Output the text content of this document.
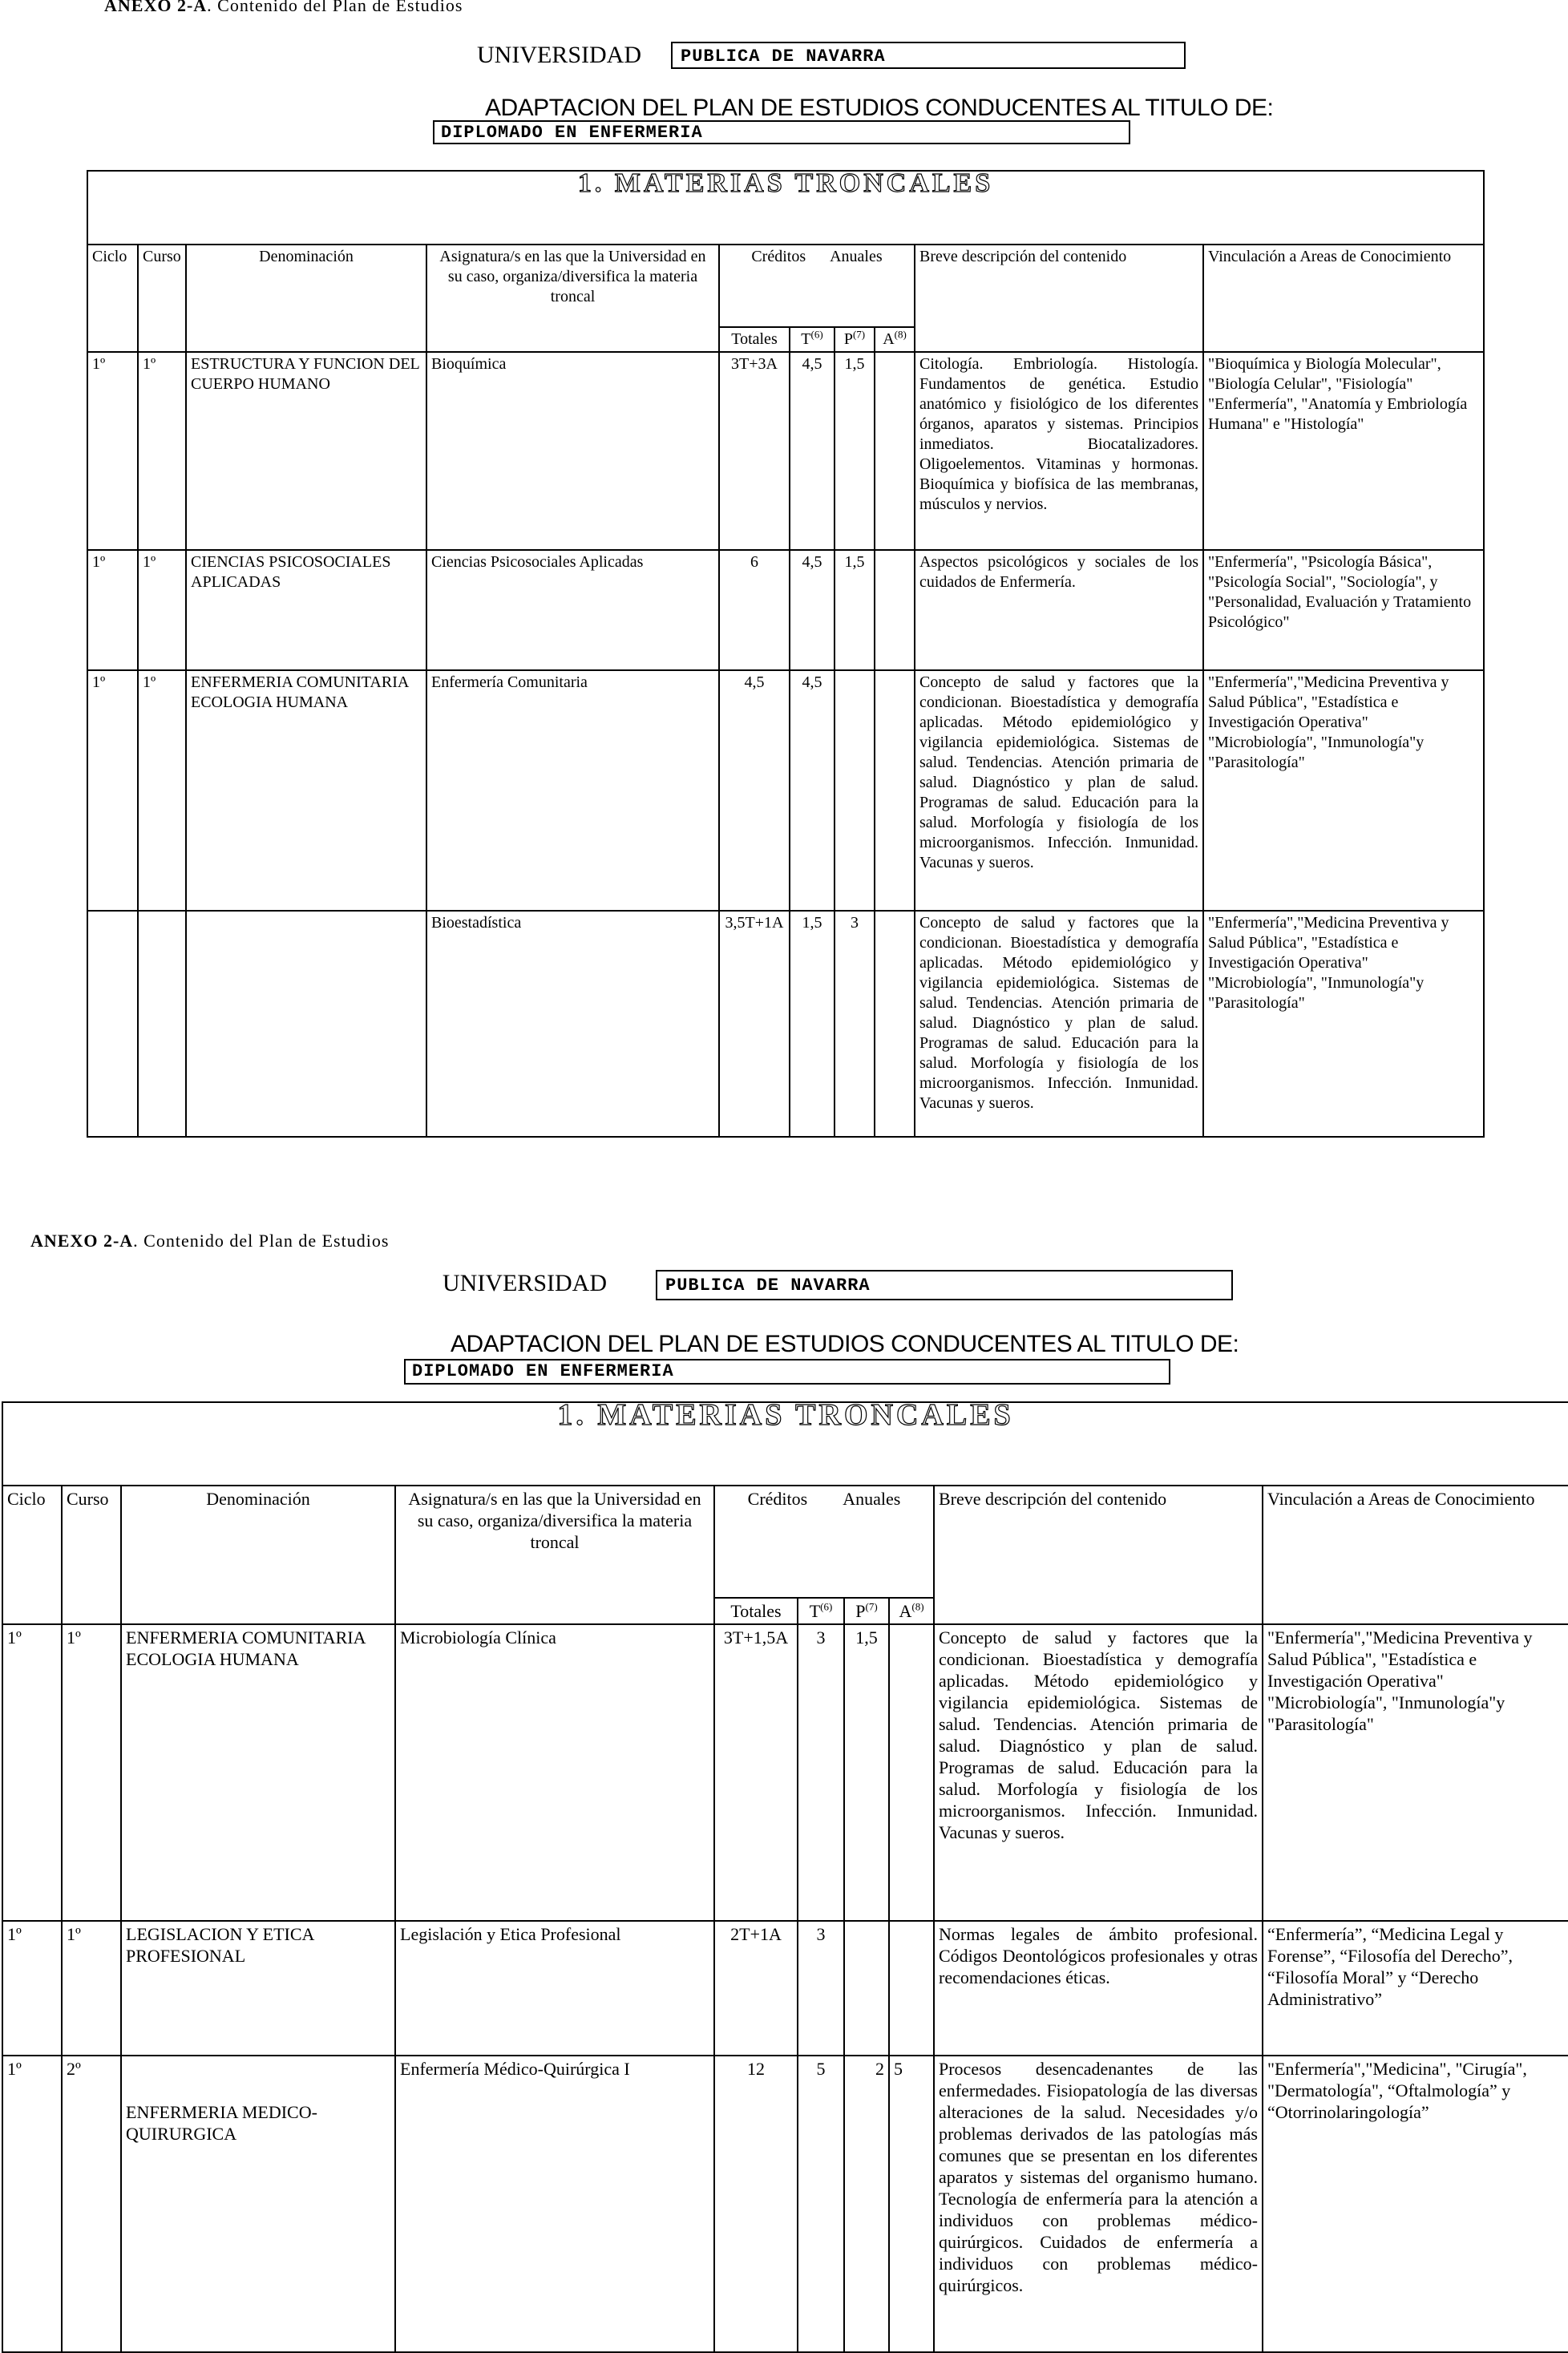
ANEXO 2-A. Contenido del Plan de Estudios
UNIVERSIDAD	PUBLICA DE NAVARRA
ADAPTACION DEL PLAN DE ESTUDIOS CONDUCENTES AL TITULO DE:
DIPLOMADO EN ENFERMERIA
1. MATERIAS TRONCALES									
Ciclo	Curso	Denominación	Asignatura/s en las que la Universidad en su caso, organiza/diversifica la materia troncal	Créditos Anuales				Breve descripción del contenido	Vinculación a Areas de Conocimiento
				Totales	$T^{(6)}$	$P^{(7)}$	$A^{(8)}$
1º	1º	ESTRUCTURA Y FUNCION DEL CUERPO HUMANO	Bioquímica	3T+3A	4,5	1,5		Citología. Embriología. Histología. Fundamentos de genética. Estudio anatómico y fisiológico de los diferentes órganos, aparatos y sistemas. Principios inmediatos. Biocatalizadores. Oligoelementos. Vitaminas y hormonas. Bioquímica y biofísica de las membranas, músculos y nervios.	"Bioquímica y Biología Molecular", "Biología Celular", "Fisiología" "Enfermería", "Anatomía y Embriología Humana" e "Histología"
1º	1º	CIENCIAS PSICOSOCIALES APLICADAS	Ciencias Psicosociales Aplicadas	6	4,5	1,5		Aspectos psicológicos y sociales de los cuidados de Enfermería.	"Enfermería", "Psicología Básica", "Psicología Social", "Sociología", y "Personalidad, Evaluación y Tratamiento Psicológico"
1º	1º	ENFERMERIA COMUNITARIA ECOLOGIA HUMANA	Enfermería Comunitaria	4,5	4,5			Concepto de salud y factores que la condicionan. Bioestadística y demografía aplicadas. Método epidemiológico y vigilancia epidemiológica. Sistemas de salud. Tendencias. Atención primaria de salud. Diagnóstico y plan de salud. Programas de salud. Educación para la salud. Morfología y fisiología de los microorganismos. Infección. Inmunidad. Vacunas y sueros.	"Enfermería","Medicina Preventiva y Salud Pública", "Estadística e Investigación Operativa" "Microbiología", "Inmunología"y "Parasitología"
			Bioestadística	3,5T+1A	1,5	3		Concepto de salud y factores que la condicionan. Bioestadística y demografía aplicadas. Método epidemiológico y vigilancia epidemiológica. Sistemas de salud. Tendencias. Atención primaria de salud. Diagnóstico y plan de salud. Programas de salud. Educación para la salud. Morfología y fisiología de los microorganismos. Infección. Inmunidad. Vacunas y sueros.	"Enfermería","Medicina Preventiva y Salud Pública", "Estadística e Investigación Operativa" "Microbiología", "Inmunología"y "Parasitología"
ANEXO 2-A. Contenido del Plan de Estudios
UNIVERSIDAD	PUBLICA DE NAVARRA
ADAPTACION DEL PLAN DE ESTUDIOS CONDUCENTES AL TITULO DE:
DIPLOMADO EN ENFERMERIA
1. MATERIAS TRONCALES									
Ciclo	Curso	Denominación	Asignatura/s en las que la Universidad en su caso, organiza/diversifica la materia troncal	Créditos Anuales				Breve descripción del contenido	Vinculación a Areas de Conocimiento
				Totales	$T^{(6)}$	$P^{(7)}$	$A^{(8)}$
1º	1º	ENFERMERIA COMUNITARIA ECOLOGIA HUMANA	Microbiología Clínica	3T+1,5A	3	1,5		Concepto de salud y factores que la condicionan. Bioestadística y demografía aplicadas. Método epidemiológico y vigilancia epidemiológica. Sistemas de salud. Tendencias. Atención primaria de salud. Diagnóstico y plan de salud. Programas de salud. Educación para la salud. Morfología y fisiología de los microorganismos. Infección. Inmunidad. Vacunas y sueros.	"Enfermería","Medicina Preventiva y Salud Pública", "Estadística e Investigación Operativa" "Microbiología", "Inmunología"y "Parasitología"
1º	1º	LEGISLACION Y ETICA PROFESIONAL	Legislación y Etica Profesional	2T+1A	3			Normas legales de ámbito profesional. Códigos Deontológicos profesionales y otras recomendaciones éticas.	“Enfermería”, “Medicina Legal y Forense”, “Filosofía del Derecho”, “Filosofía Moral” y “Derecho Administrativo”
1º	2º	ENFERMERIA MEDICO-QUIRURGICA	Enfermería Médico-Quirúrgica I	12	5	2	5	Procesos desencadenantes de las enfermedades. Fisiopatología de las diversas alteraciones de la salud. Necesidades y/o problemas derivados de las patologías más comunes que se presentan en los diferentes aparatos y sistemas del organismo humano. Tecnología de enfermería para la atención a individuos con problemas médico-quirúrgicos. Cuidados de enfermería a individuos con problemas médico-quirúrgicos.	"Enfermería","Medicina", "Cirugía", "Dermatología", “Oftalmología” y “Otorrinolaringología”
